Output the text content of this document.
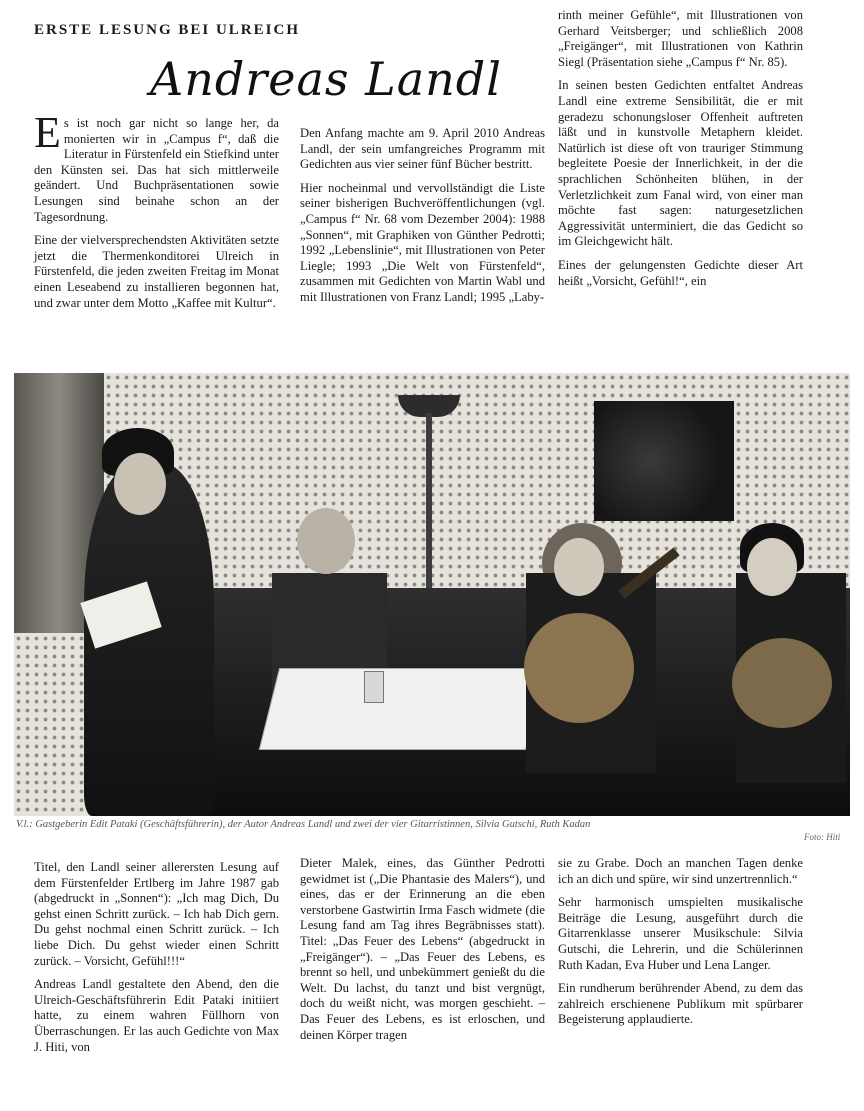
ERSTE LESUNG BEI ULREICH
Andreas Landl

Es ist noch gar nicht so lange her, da monierten wir in „Campus f“, daß die Literatur in Fürstenfeld ein Stiefkind unter den Künsten sei. Das hat sich mittlerweile geändert. Und Buchpräsentationen sowie Lesungen sind beinahe schon an der Tagesordnung.

Eine der vielversprechendsten Aktivitäten setzte jetzt die Thermenkonditorei Ulreich in Fürstenfeld, die jeden zweiten Freitag im Monat einen Leseabend zu installieren begonnen hat, und zwar unter dem Motto „Kaffee mit Kultur“.

Den Anfang machte am 9. April 2010 Andreas Landl, der sein umfangreiches Programm mit Gedichten aus vier seiner fünf Bücher bestritt.

Hier nocheinmal und vervollständigt die Liste seiner bisherigen Buchveröffentlichungen (vgl. „Campus f“ Nr. 68 vom Dezember 2004): 1988 „Sonnen“, mit Graphiken von Günther Pedrotti; 1992 „Lebenslinie“, mit Illustrationen von Peter Liegle; 1993 „Die Welt von Fürstenfeld“, zusammen mit Gedichten von Martin Wabl und mit Illustrationen von Franz Landl; 1995 „Laby-

rinth meiner Gefühle“, mit Illustrationen von Gerhard Veitsberger; und schließlich 2008 „Freigänger“, mit Illustrationen von Kathrin Siegl (Präsentation siehe „Campus f“ Nr. 85).

In seinen besten Gedichten entfaltet Andreas Landl eine extreme Sensibilität, die er mit geradezu schonungsloser Offenheit auftreten läßt und in kunstvolle Metaphern kleidet. Natürlich ist diese oft von trauriger Stimmung begleitete Poesie der Innerlichkeit, in der die sprachlichen Schönheiten blühen, in der Verletzlichkeit zum Fanal wird, von einer man möchte fast sagen: naturgesetzlichen Aggressivität unterminiert, die das Gedicht so im Gleichgewicht hält.

Eines der gelungensten Gedichte dieser Art heißt „Vorsicht, Gefühl!“, ein

V.l.: Gastgeberin Edit Pataki (Geschäftsführerin), der Autor Andreas Landl und zwei der vier Gitarristinnen, Silvia Gutschi, Ruth Kadan
Foto: Hiti

Titel, den Landl seiner allerersten Lesung auf dem Fürstenfelder Ertlberg im Jahre 1987 gab (abgedruckt in „Sonnen“): „Ich mag Dich, Du gehst einen Schritt zurück. – Ich hab Dich gern. Du gehst nochmal einen Schritt zurück. – Ich liebe Dich. Du gehst wieder einen Schritt zurück. – Vorsicht, Gefühl!!!“

Andreas Landl gestaltete den Abend, den die Ulreich-Geschäftsführerin Edit Pataki initiiert hatte, zu einem wahren Füllhorn von Überraschungen. Er las auch Gedichte von Max J. Hiti, von

Dieter Malek, eines, das Günther Pedrotti gewidmet ist („Die Phantasie des Malers“), und eines, das er der Erinnerung an die eben verstorbene Gastwirtin Irma Fasch widmete (die Lesung fand am Tag ihres Begräbnisses statt). Titel: „Das Feuer des Lebens“ (abgedruckt in „Freigänger“). – „Das Feuer des Lebens, es brennt so hell, und unbekümmert genießt du die Welt. Du lachst, du tanzt und bist vergnügt, doch du weißt nicht, was morgen geschieht. – Das Feuer des Lebens, es ist erloschen, und deinen Körper tragen

sie zu Grabe. Doch an manchen Tagen denke ich an dich und spüre, wir sind unzertrennlich.“

Sehr harmonisch umspielten musikalische Beiträge die Lesung, ausgeführt durch die Gitarrenklasse unserer Musikschule: Silvia Gutschi, die Lehrerin, und die Schülerinnen Ruth Kadan, Eva Huber und Lena Langer.

Ein rundherum berührender Abend, zu dem das zahlreich erschienene Publikum mit spürbarer Begeisterung applaudierte.
